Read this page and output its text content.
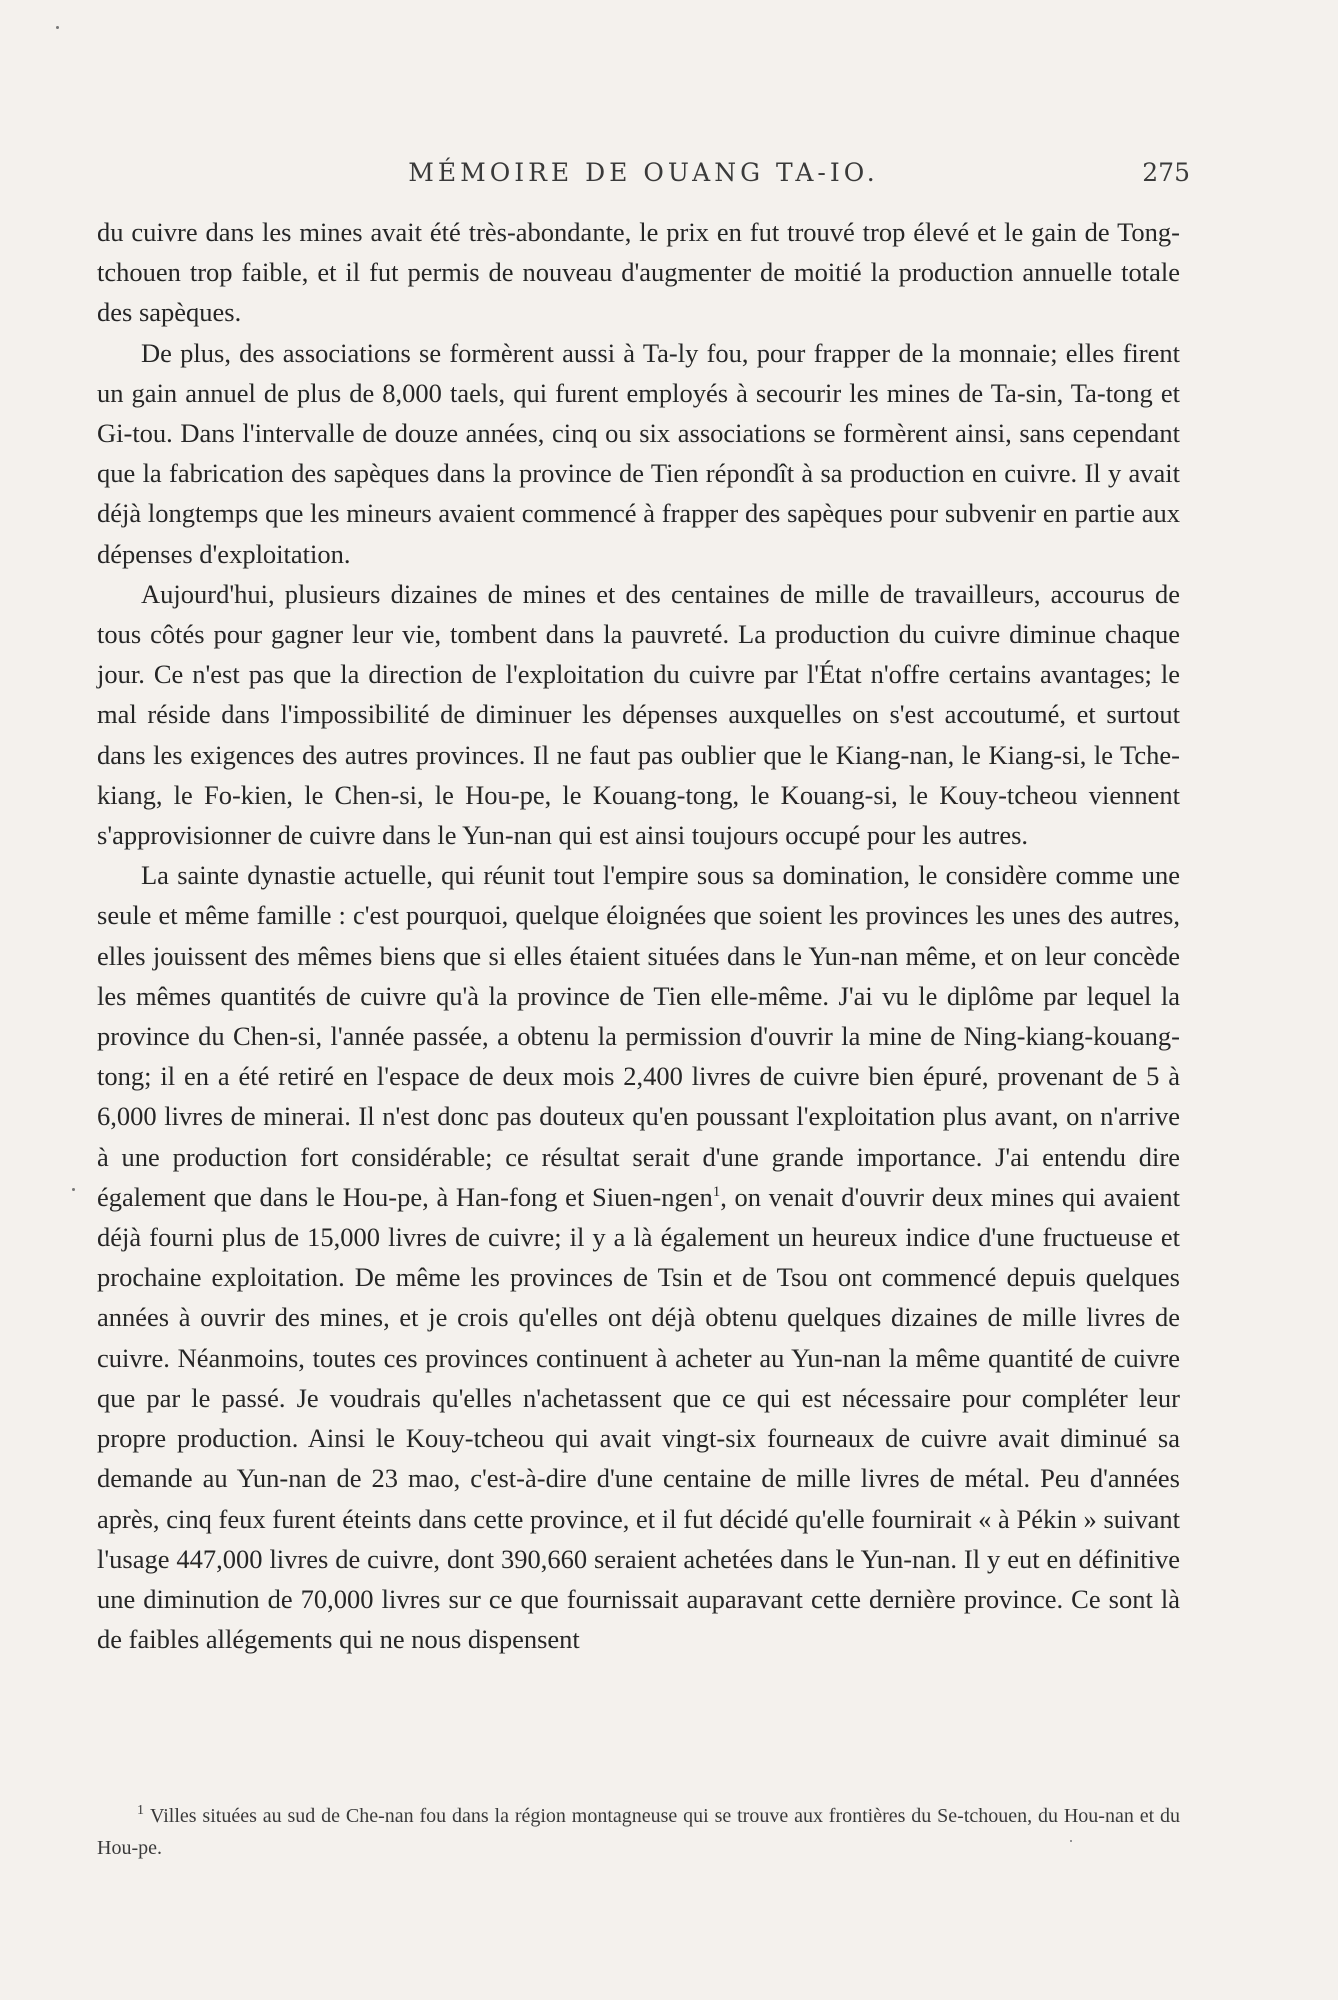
MÉMOIRE DE OUANG TA-IO.	275

du cuivre dans les mines avait été très-abondante, le prix en fut trouvé trop élevé et le gain de Tong-tchouen trop faible, et il fut permis de nouveau d'augmenter de moitié la production annuelle totale des sapèques.

De plus, des associations se formèrent aussi à Ta-ly fou, pour frapper de la monnaie; elles firent un gain annuel de plus de 8,000 taels, qui furent employés à secourir les mines de Ta-sin, Ta-tong et Gi-tou. Dans l'intervalle de douze années, cinq ou six associations se formèrent ainsi, sans cependant que la fabrication des sapèques dans la province de Tien répondît à sa production en cuivre. Il y avait déjà longtemps que les mineurs avaient commencé à frapper des sapèques pour subvenir en partie aux dépenses d'exploitation.

Aujourd'hui, plusieurs dizaines de mines et des centaines de mille de travailleurs, accourus de tous côtés pour gagner leur vie, tombent dans la pauvreté. La production du cuivre diminue chaque jour. Ce n'est pas que la direction de l'exploitation du cuivre par l'État n'offre certains avantages; le mal réside dans l'impossibilité de diminuer les dépenses auxquelles on s'est accoutumé, et surtout dans les exigences des autres provinces. Il ne faut pas oublier que le Kiang-nan, le Kiang-si, le Tche-kiang, le Fo-kien, le Chen-si, le Hou-pe, le Kouang-tong, le Kouang-si, le Kouy-tcheou viennent s'approvisionner de cuivre dans le Yun-nan qui est ainsi toujours occupé pour les autres.

La sainte dynastie actuelle, qui réunit tout l'empire sous sa domination, le considère comme une seule et même famille : c'est pourquoi, quelque éloignées que soient les provinces les unes des autres, elles jouissent des mêmes biens que si elles étaient situées dans le Yun-nan même, et on leur concède les mêmes quantités de cuivre qu'à la province de Tien elle-même. J'ai vu le diplôme par lequel la province du Chen-si, l'année passée, a obtenu la permission d'ouvrir la mine de Ning-kiang-kouang-tong; il en a été retiré en l'espace de deux mois 2,400 livres de cuivre bien épuré, provenant de 5 à 6,000 livres de minerai. Il n'est donc pas douteux qu'en poussant l'exploitation plus avant, on n'arrive à une production fort considérable; ce résultat serait d'une grande importance. J'ai entendu dire également que dans le Hou-pe, à Han-fong et Siuen-ngen$^1$, on venait d'ouvrir deux mines qui avaient déjà fourni plus de 15,000 livres de cuivre; il y a là également un heureux indice d'une fructueuse et prochaine exploitation. De même les provinces de Tsin et de Tsou ont commencé depuis quelques années à ouvrir des mines, et je crois qu'elles ont déjà obtenu quelques dizaines de mille livres de cuivre. Néanmoins, toutes ces provinces continuent à acheter au Yun-nan la même quantité de cuivre que par le passé. Je voudrais qu'elles n'achetassent que ce qui est nécessaire pour compléter leur propre production. Ainsi le Kouy-tcheou qui avait vingt-six fourneaux de cuivre avait diminué sa demande au Yun-nan de 23 mao, c'est-à-dire d'une centaine de mille livres de métal. Peu d'années après, cinq feux furent éteints dans cette province, et il fut décidé qu'elle fournirait « à Pékin » suivant l'usage 447,000 livres de cuivre, dont 390,660 seraient achetées dans le Yun-nan. Il y eut en définitive une diminution de 70,000 livres sur ce que fournissait auparavant cette dernière province. Ce sont là de faibles allégements qui ne nous dispensent

$^1$ Villes situées au sud de Che-nan fou dans la région montagneuse qui se trouve aux frontières du Se-tchouen, du Hou-nan et du Hou-pe.
